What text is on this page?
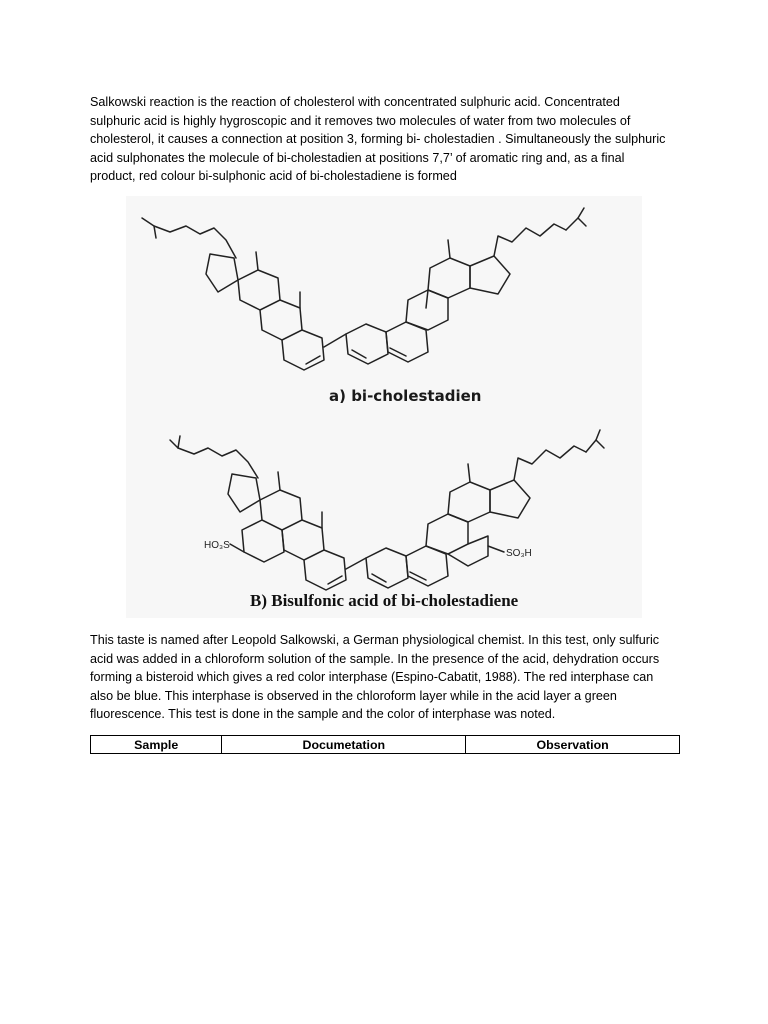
Salkowski reaction is the reaction of cholesterol with concentrated sulphuric acid. Concentrated
sulphuric acid is highly hygroscopic and it removes two molecules of water from two molecules of
cholesterol, it causes a connection at position 3, forming bi- cholestadien . Simultaneously the sulphuric
acid sulphonates the molecule of bi-cholestadien at positions 7,7’ of aromatic ring and, as a final
product, red colour bi-sulphonic acid of bi-cholestadiene is formed
a) bi-cholestadien
HO₃S
SO₃H
B) Bisulfonic acid of bi-cholestadiene
This taste is named after Leopold Salkowski, a German physiological chemist. In this test, only sulfuric
acid was added in a chloroform solution of the sample. In the presence of the acid, dehydration occurs
forming a bisteroid which gives a red color interphase (Espino-Cabatit, 1988). The red interphase can
also be blue. This interphase is observed in the chloroform layer while in the acid layer a green
fluorescence. This test is done in the sample and the color of interphase was noted.
Sample	Documetation	Observation
